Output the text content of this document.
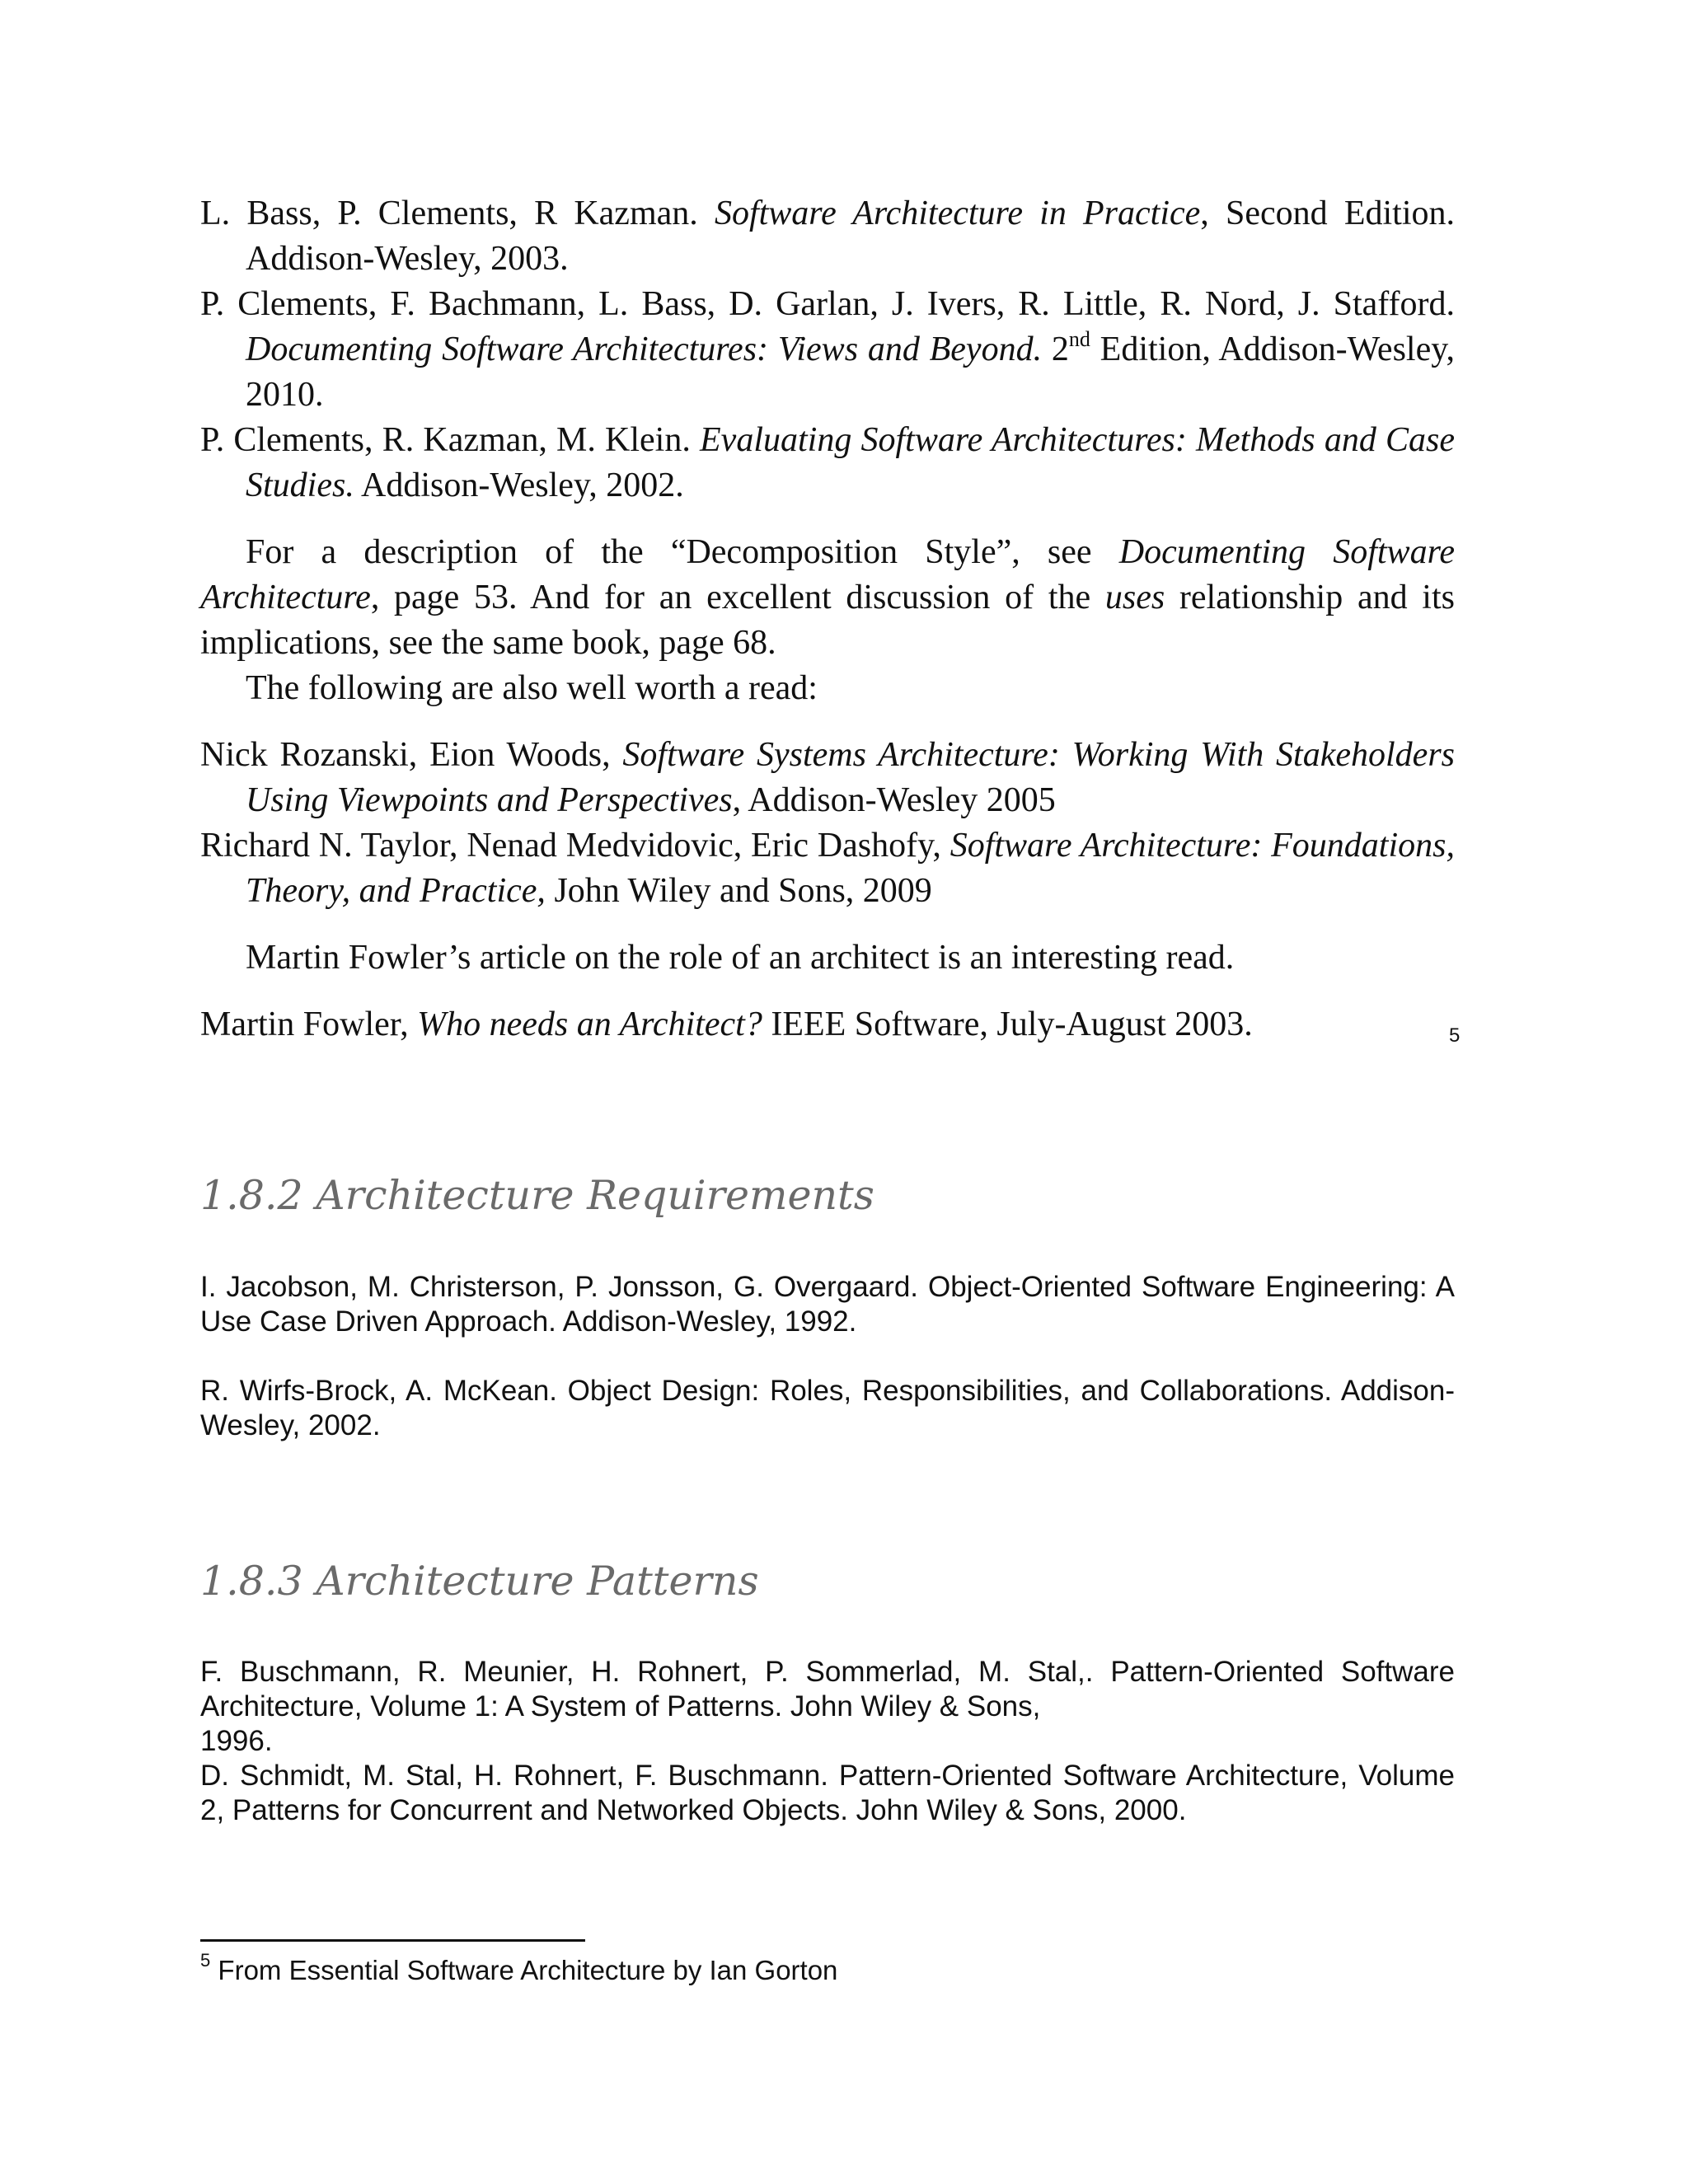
L. Bass, P. Clements, R Kazman. Software Architecture in Practice, Second Edition. Addison-Wesley, 2003.

P. Clements, F. Bachmann, L. Bass, D. Garlan, J. Ivers, R. Little, R. Nord, J. Stafford. Documenting Software Architectures: Views and Beyond. 2nd Edition, Addison-Wesley, 2010.

P. Clements, R. Kazman, M. Klein. Evaluating Software Architectures: Methods and Case Studies. Addison-Wesley, 2002.

For a description of the “Decomposition Style”, see Documenting Software Architecture, page 53. And for an excellent discussion of the uses relationship and its implications, see the same book, page 68.

The following are also well worth a read:

Nick Rozanski, Eion Woods, Software Systems Architecture: Working With Stakeholders Using Viewpoints and Perspectives, Addison-Wesley 2005

Richard N. Taylor, Nenad Medvidovic, Eric Dashofy, Software Architecture: Foundations, Theory, and Practice, John Wiley and Sons, 2009

Martin Fowler’s article on the role of an architect is an interesting read.

Martin Fowler, Who needs an Architect? IEEE Software, July-August 2003.	5
1.8.2 Architecture Requirements

I. Jacobson, M. Christerson, P. Jonsson, G. Overgaard. Object-Oriented Software Engineering: A Use Case Driven Approach. Addison-Wesley, 1992.

R. Wirfs-Brock, A. McKean. Object Design: Roles, Responsibilities, and Collaborations. Addison-Wesley, 2002.

1.8.3 Architecture Patterns
F. Buschmann, R. Meunier, H. Rohnert, P. Sommerlad, M. Stal,. Pattern-Oriented Software
Architecture, Volume 1: A System of Patterns. John Wiley & Sons,
1996.

D. Schmidt, M. Stal, H. Rohnert, F. Buschmann. Pattern-Oriented Software Architecture, Volume 2, Patterns for Concurrent and Networked Objects. John Wiley & Sons, 2000.

$^5$ From Essential Software Architecture by Ian Gorton
